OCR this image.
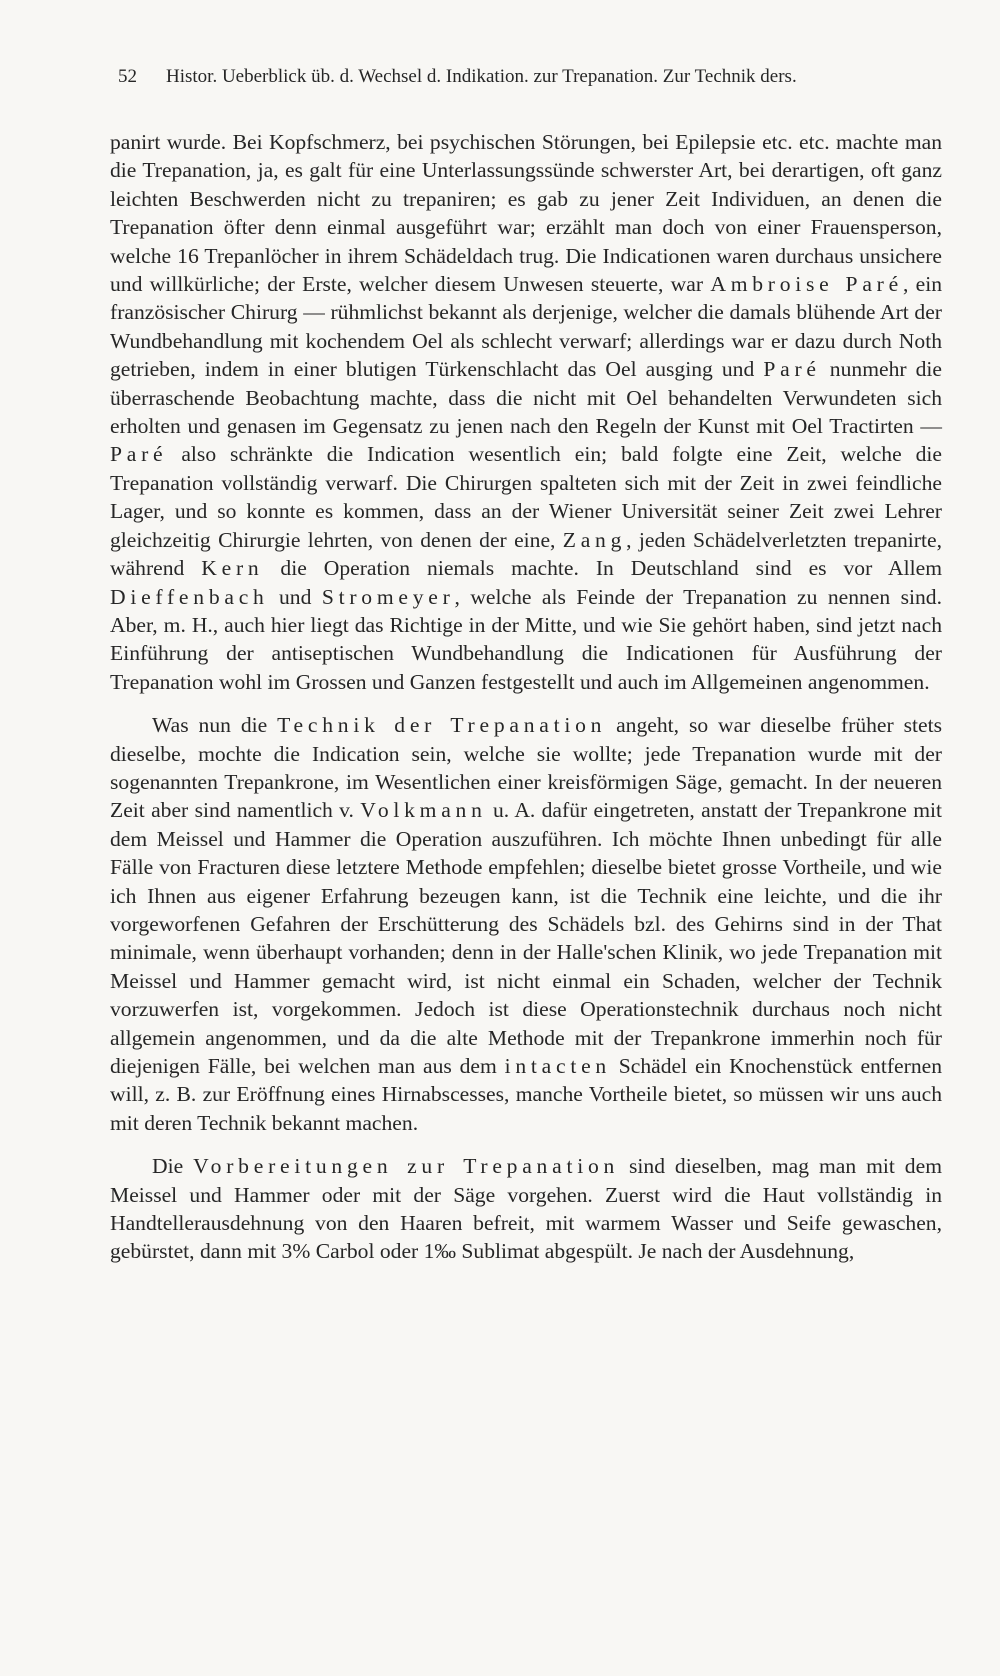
52 Histor. Ueberblick üb. d. Wechsel d. Indikation. zur Trepanation. Zur Technik ders.

panirt wurde. Bei Kopfschmerz, bei psychischen Störungen, bei Epilepsie etc. etc. machte man die Trepanation, ja, es galt für eine Unterlassungssünde schwerster Art, bei derartigen, oft ganz leichten Beschwerden nicht zu trepaniren; es gab zu jener Zeit Individuen, an denen die Trepanation öfter denn einmal ausgeführt war; erzählt man doch von einer Frauensperson, welche 16 Trepanlöcher in ihrem Schädeldach trug. Die Indicationen waren durchaus unsichere und willkürliche; der Erste, welcher diesem Unwesen steuerte, war Ambroise Paré, ein französischer Chirurg — rühmlichst bekannt als derjenige, welcher die damals blühende Art der Wundbehandlung mit kochendem Oel als schlecht verwarf; allerdings war er dazu durch Noth getrieben, indem in einer blutigen Türkenschlacht das Oel ausging und Paré nunmehr die überraschende Beobachtung machte, dass die nicht mit Oel behandelten Verwundeten sich erholten und genasen im Gegensatz zu jenen nach den Regeln der Kunst mit Oel Tractirten — Paré also schränkte die Indication wesentlich ein; bald folgte eine Zeit, welche die Trepanation vollständig verwarf. Die Chirurgen spalteten sich mit der Zeit in zwei feindliche Lager, und so konnte es kommen, dass an der Wiener Universität seiner Zeit zwei Lehrer gleichzeitig Chirurgie lehrten, von denen der eine, Zang, jeden Schädelverletzten trepanirte, während Kern die Operation niemals machte. In Deutschland sind es vor Allem Dieffenbach und Stromeyer, welche als Feinde der Trepanation zu nennen sind. Aber, m. H., auch hier liegt das Richtige in der Mitte, und wie Sie gehört haben, sind jetzt nach Einführung der antiseptischen Wundbehandlung die Indicationen für Ausführung der Trepanation wohl im Grossen und Ganzen festgestellt und auch im Allgemeinen angenommen.

Was nun die Technik der Trepanation angeht, so war dieselbe früher stets dieselbe, mochte die Indication sein, welche sie wollte; jede Trepanation wurde mit der sogenannten Trepankrone, im Wesentlichen einer kreisförmigen Säge, gemacht. In der neueren Zeit aber sind namentlich v. Volkmann u. A. dafür eingetreten, anstatt der Trepankrone mit dem Meissel und Hammer die Operation auszuführen. Ich möchte Ihnen unbedingt für alle Fälle von Fracturen diese letztere Methode empfehlen; dieselbe bietet grosse Vortheile, und wie ich Ihnen aus eigener Erfahrung bezeugen kann, ist die Technik eine leichte, und die ihr vorgeworfenen Gefahren der Erschütterung des Schädels bzl. des Gehirns sind in der That minimale, wenn überhaupt vorhanden; denn in der Halle'schen Klinik, wo jede Trepanation mit Meissel und Hammer gemacht wird, ist nicht einmal ein Schaden, welcher der Technik vorzuwerfen ist, vorgekommen. Jedoch ist diese Operationstechnik durchaus noch nicht allgemein angenommen, und da die alte Methode mit der Trepankrone immerhin noch für diejenigen Fälle, bei welchen man aus dem intacten Schädel ein Knochenstück entfernen will, z. B. zur Eröffnung eines Hirnabscesses, manche Vortheile bietet, so müssen wir uns auch mit deren Technik bekannt machen.

Die Vorbereitungen zur Trepanation sind dieselben, mag man mit dem Meissel und Hammer oder mit der Säge vorgehen. Zuerst wird die Haut vollständig in Handtellerausdehnung von den Haaren befreit, mit warmem Wasser und Seife gewaschen, gebürstet, dann mit 3% Carbol oder 1‰ Sublimat abgespült. Je nach der Ausdehnung,
